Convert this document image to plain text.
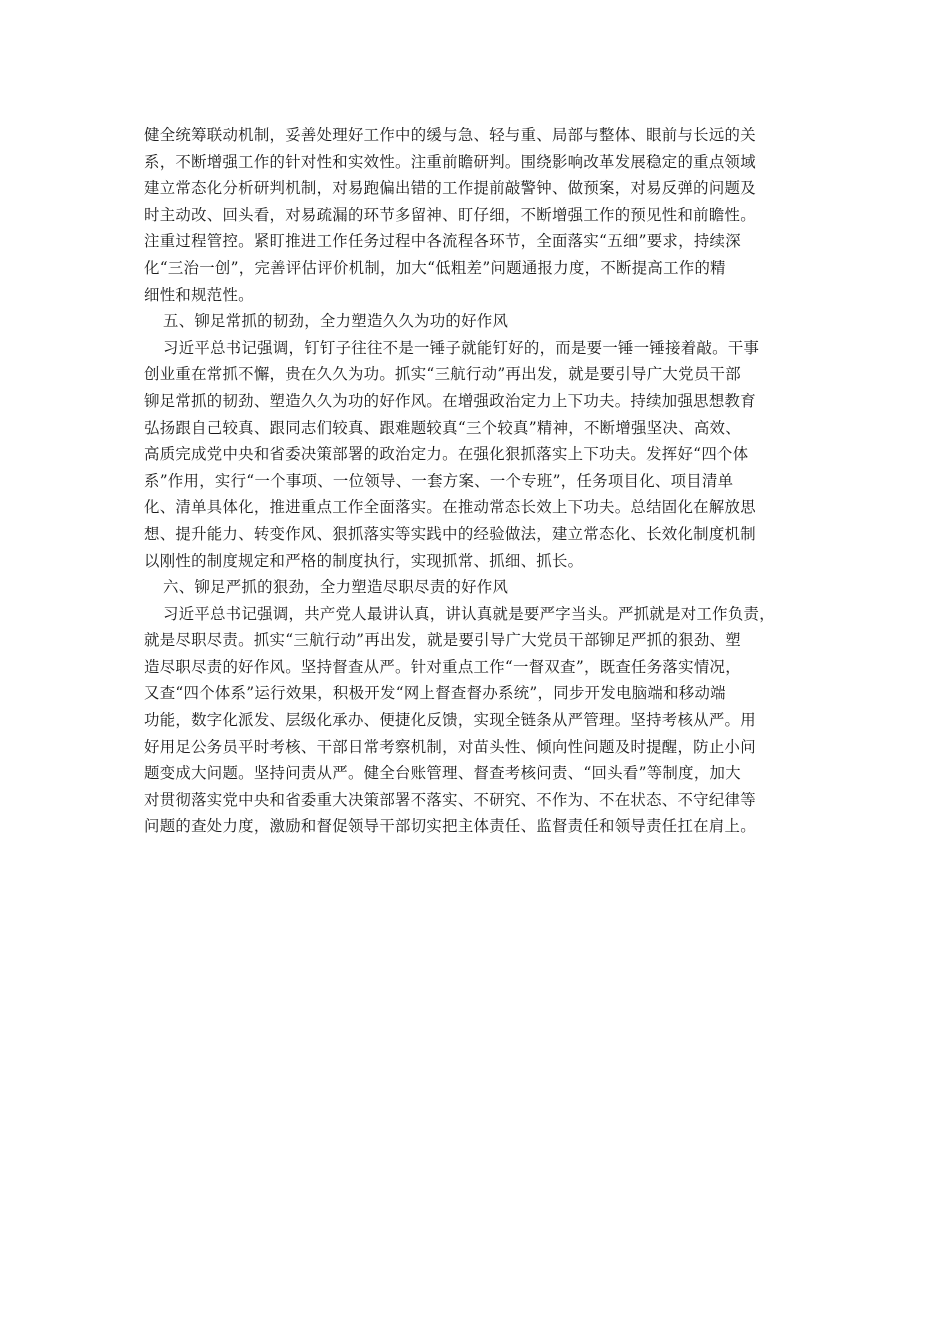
健全统筹联动机制，妥善处理好工作中的缓与急、轻与重、局部与整体、眼前与长远的关
系，不断增强工作的针对性和实效性。注重前瞻研判。围绕影响改革发展稳定的重点领域
建立常态化分析研判机制，对易跑偏出错的工作提前敲警钟、做预案，对易反弹的问题及
时主动改、回头看，对易疏漏的环节多留神、盯仔细，不断增强工作的预见性和前瞻性。
注重过程管控。紧盯推进工作任务过程中各流程各环节，全面落实“五细”要求，持续深
化“三治一创”，完善评估评价机制，加大“低粗差”问题通报力度，不断提高工作的精
细性和规范性。
五、铆足常抓的韧劲，全力塑造久久为功的好作风
习近平总书记强调，钉钉子往往不是一锤子就能钉好的，而是要一锤一锤接着敲。干事
创业重在常抓不懈，贵在久久为功。抓实“三航行动”再出发，就是要引导广大党员干部
铆足常抓的韧劲、塑造久久为功的好作风。在增强政治定力上下功夫。持续加强思想教育
弘扬跟自己较真、跟同志们较真、跟难题较真“三个较真”精神，不断增强坚决、高效、
高质完成党中央和省委决策部署的政治定力。在强化狠抓落实上下功夫。发挥好“四个体
系”作用，实行“一个事项、一位领导、一套方案、一个专班”，任务项目化、项目清单
化、清单具体化，推进重点工作全面落实。在推动常态长效上下功夫。总结固化在解放思
想、提升能力、转变作风、狠抓落实等实践中的经验做法，建立常态化、长效化制度机制
以刚性的制度规定和严格的制度执行，实现抓常、抓细、抓长。
六、铆足严抓的狠劲，全力塑造尽职尽责的好作风
习近平总书记强调，共产党人最讲认真，讲认真就是要严字当头。严抓就是对工作负责，
就是尽职尽责。抓实“三航行动”再出发，就是要引导广大党员干部铆足严抓的狠劲、塑
造尽职尽责的好作风。坚持督查从严。针对重点工作“一督双查”，既查任务落实情况，
又查“四个体系”运行效果，积极开发“网上督查督办系统”，同步开发电脑端和移动端
功能，数字化派发、层级化承办、便捷化反馈，实现全链条从严管理。坚持考核从严。用
好用足公务员平时考核、干部日常考察机制，对苗头性、倾向性问题及时提醒，防止小问
题变成大问题。坚持问责从严。健全台账管理、督查考核问责、“回头看”等制度，加大
对贯彻落实党中央和省委重大决策部署不落实、不研究、不作为、不在状态、不守纪律等
问题的查处力度，激励和督促领导干部切实把主体责任、监督责任和领导责任扛在肩上。
